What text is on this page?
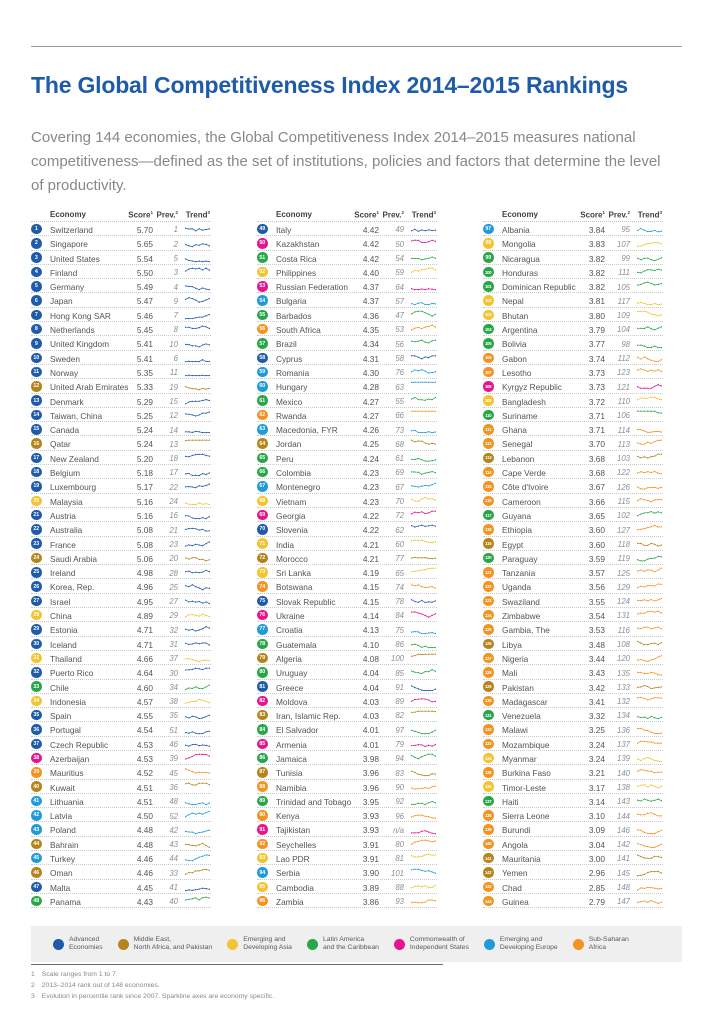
The Global Competitiveness Index 2014–2015 Rankings

Covering 144 economies, the Global Competitiveness Index 2014–2015 measures national competitiveness—defined as the set of institutions, policies and factors that determine the level of productivity.

Economy	Score$^1$ Prev.$^2$ Trend$^3$
1	Switzerland	5.70	1
2	Singapore	5.65	2
3	United States	5.54	5
4	Finland	5.50	3
5	Germany	5.49	4
6	Japan	5.47	9
7	Hong Kong SAR	5.46	7
8	Netherlands	5.45	8
9	United Kingdom	5.41 10
10 Sweden	5.41	6
11	Norway	5.35 11
12 United Arab Emirates 5.33 19
13 Denmark	5.29 15
14 Taiwan, China	5.25 12
15 Canada	5.24 14
16 Qatar	5.24 13
17 New Zealand	5.20 18
18 Belgium	5.18 17
19 Luxembourg	5.17 22
20 Malaysia	5.16 24
21 Austria	5.16 16
22 Australia	5.08 21
23 France	5.08 23
24 Saudi Arabia	5.06 20
25 Ireland	4.98 28
26 Korea, Rep.	4.96 25
27 Israel	4.95 27
28 China	4.89 29
29 Estonia	4.71 32
30 Iceland	4.71 31
31 Thailand	4.66 37
32 Puerto Rico	4.64 30
33 Chile	4.60 34
34 Indonesia	4.57 38
35 Spain	4.55 35
36 Portugal	4.54 51
37 Czech Republic	4.53 46
38 Azerbaijan	4.53 39
39 Mauritius	4.52 45
40 Kuwait	4.51 36
41 Lithuania	4.51 48
42 Latvia	4.50 52
43 Poland	4.48 42
44 Bahrain	4.48 43
45 Turkey	4.46 44
46 Oman	4.46 33
47 Malta	4.45 41
48 Panama	4.43 40
Economy	Score$^1$ Prev.$^2$ Trend$^3$
49 Italy	4.42 49
50 Kazakhstan	4.42 50
51 Costa Rica	4.42 54
52 Philippines	4.40 59
53 Russian Federation 4.37 64
54 Bulgaria	4.37 57
55 Barbados	4.36 47
56 South Africa	4.35 53
57 Brazil	4.34 56
58 Cyprus	4.31 58
59 Romania	4.30 76
60 Hungary	4.28 63
61 Mexico	4.27 55
62 Rwanda	4.27 66
63 Macedonia, FYR	4.26 73
64 Jordan	4.25 68
65 Peru	4.24 61
66 Colombia	4.23 69
67 Montenegro	4.23 67
68 Vietnam	4.23 70
69 Georgia	4.22 72
70 Slovenia	4.22 62
71 India	4.21 60
72 Morocco	4.21 77
73 Sri Lanka	4.19 65
74 Botswana	4.15 74
75 Slovak Republic	4.15 78
76 Ukraine	4.14 84
77 Croatia	4.13 75
78 Guatemala	4.10 86
79 Algeria	4.08 100
80 Uruguay	4.04 85
81 Greece	4.04 91
82 Moldova	4.03 89
83 Iran, Islamic Rep.	4.03 82
84 El Salvador	4.01 97
85 Armenia	4.01 79
86 Jamaica	3.98 94
87 Tunisia	3.96 83
88 Namibia	3.96 90
89 Trinidad and Tobago 3.95 92
90 Kenya	3.93 96
91 Tajikistan	3.93 n/a
92 Seychelles	3.91 80
93 Lao PDR	3.91 81
94 Serbia	3.90 101
95 Cambodia	3.89 88
96 Zambia	3.86 93
Economy	Score$^1$ Prev.$^2$ Trend$^3$
97 Albania	3.84 95
98 Mongolia	3.83 107
99 Nicaragua	3.82 99
100 Honduras	3.82 111
101 Dominican Republic 3.82 105
102 Nepal	3.81 117
103 Bhutan	3.80 109
104 Argentina	3.79 104
105 Bolivia	3.77 98
106 Gabon	3.74 112
107 Lesotho	3.73 123
108 Kyrgyz Republic	3.73 121
109 Bangladesh	3.72 110
110 Suriname	3.71 106
111 Ghana	3.71 114
112 Senegal	3.70 113
113 Lebanon	3.68 103
114 Cape Verde	3.68 122
115 Côte d'Ivoire	3.67 126
116 Cameroon	3.66 115
117 Guyana	3.65 102
118 Ethiopia	3.60 127
119 Egypt	3.60 118
120 Paraguay	3.59 119
121 Tanzania	3.57 125
122 Uganda	3.56 129
123 Swaziland	3.55 124
124 Zimbabwe	3.54 131
125 Gambia, The	3.53 116
126 Libya	3.48 108
127 Nigeria	3.44 120
128 Mali	3.43 135
129 Pakistan	3.42 133
130 Madagascar	3.41 132
131 Venezuela	3.32 134
132 Malawi	3.25 136
133 Mozambique	3.24 137
134 Myanmar	3.24 139
135 Burkina Faso	3.21 140
136 Timor-Leste	3.17 138
137 Haiti	3.14 143
138 Sierra Leone	3.10 144
139 Burundi	3.09 146
140 Angola	3.04 142
141 Mauritania	3.00 141
142 Yemen	2.96 145
143 Chad	2.85 148
144 Guinea	2.79 147
Advanced
Economies
Middle East,
North Africa, and Pakistan
Emerging and
Developing Asia
Latin America
and the Caribbean
Commonwealth of
Independent States
Emerging and
Developing Europe
Sub-Saharan
Africa
1 Scale ranges from 1 to 7.
2 2013–2014 rank out of 148 economies.
3 Evolution in percentile rank since 2007. Sparkline axes are economy specific.
